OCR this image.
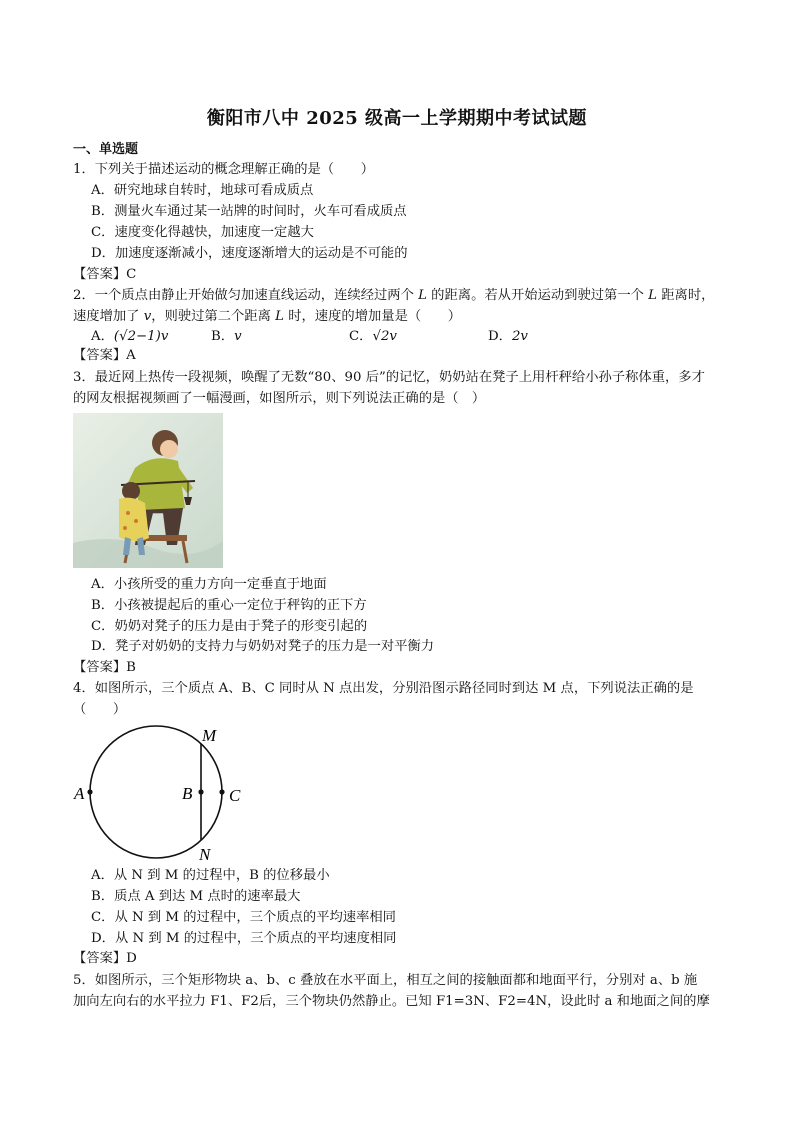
衡阳市八中 2025 级高一上学期期中考试试题
一、单选题
1．下列关于描述运动的概念理解正确的是（　　）
A．研究地球自转时，地球可看成质点
B．测量火车通过某一站牌的时间时，火车可看成质点
C．速度变化得越快，加速度一定越大
D．加速度逐渐减小，速度逐渐增大的运动是不可能的
【答案】C
2．一个质点由静止开始做匀加速直线运动，连续经过两个 L 的距离。若从开始运动到驶过第一个 L 距离时，
速度增加了 v，则驶过第二个距离 L 时，速度的增加量是（　　）
A．(√2−1)v	B．v	C．√2v	D．2v
【答案】A
3．最近网上热传一段视频，唤醒了无数“80、90 后”的记忆，奶奶站在凳子上用杆秤给小孙子称体重，多才
的网友根据视频画了一幅漫画，如图所示，则下列说法正确的是（　）
A．小孩所受的重力方向一定垂直于地面
B．小孩被提起后的重心一定位于秤钩的正下方
C．奶奶对凳子的压力是由于凳子的形变引起的
D．凳子对奶奶的支持力与奶奶对凳子的压力是一对平衡力
【答案】B
4．如图所示，三个质点 A、B、C 同时从 N 点出发，分别沿图示路径同时到达 M 点，下列说法正确的是
（　　）
A	B C
M
N
A．从 N 到 M 的过程中，B 的位移最小
B．质点 A 到达 M 点时的速率最大
C．从 N 到 M 的过程中，三个质点的平均速率相同
D．从 N 到 M 的过程中，三个质点的平均速度相同
【答案】D
5．如图所示，三个矩形物块 a、b、c 叠放在水平面上，相互之间的接触面都和地面平行，分别对 a、b 施
加向左向右的水平拉力 F1、F2后，三个物块仍然静止。已知 F1=3N、F2=4N，设此时 a 和地面之间的摩
